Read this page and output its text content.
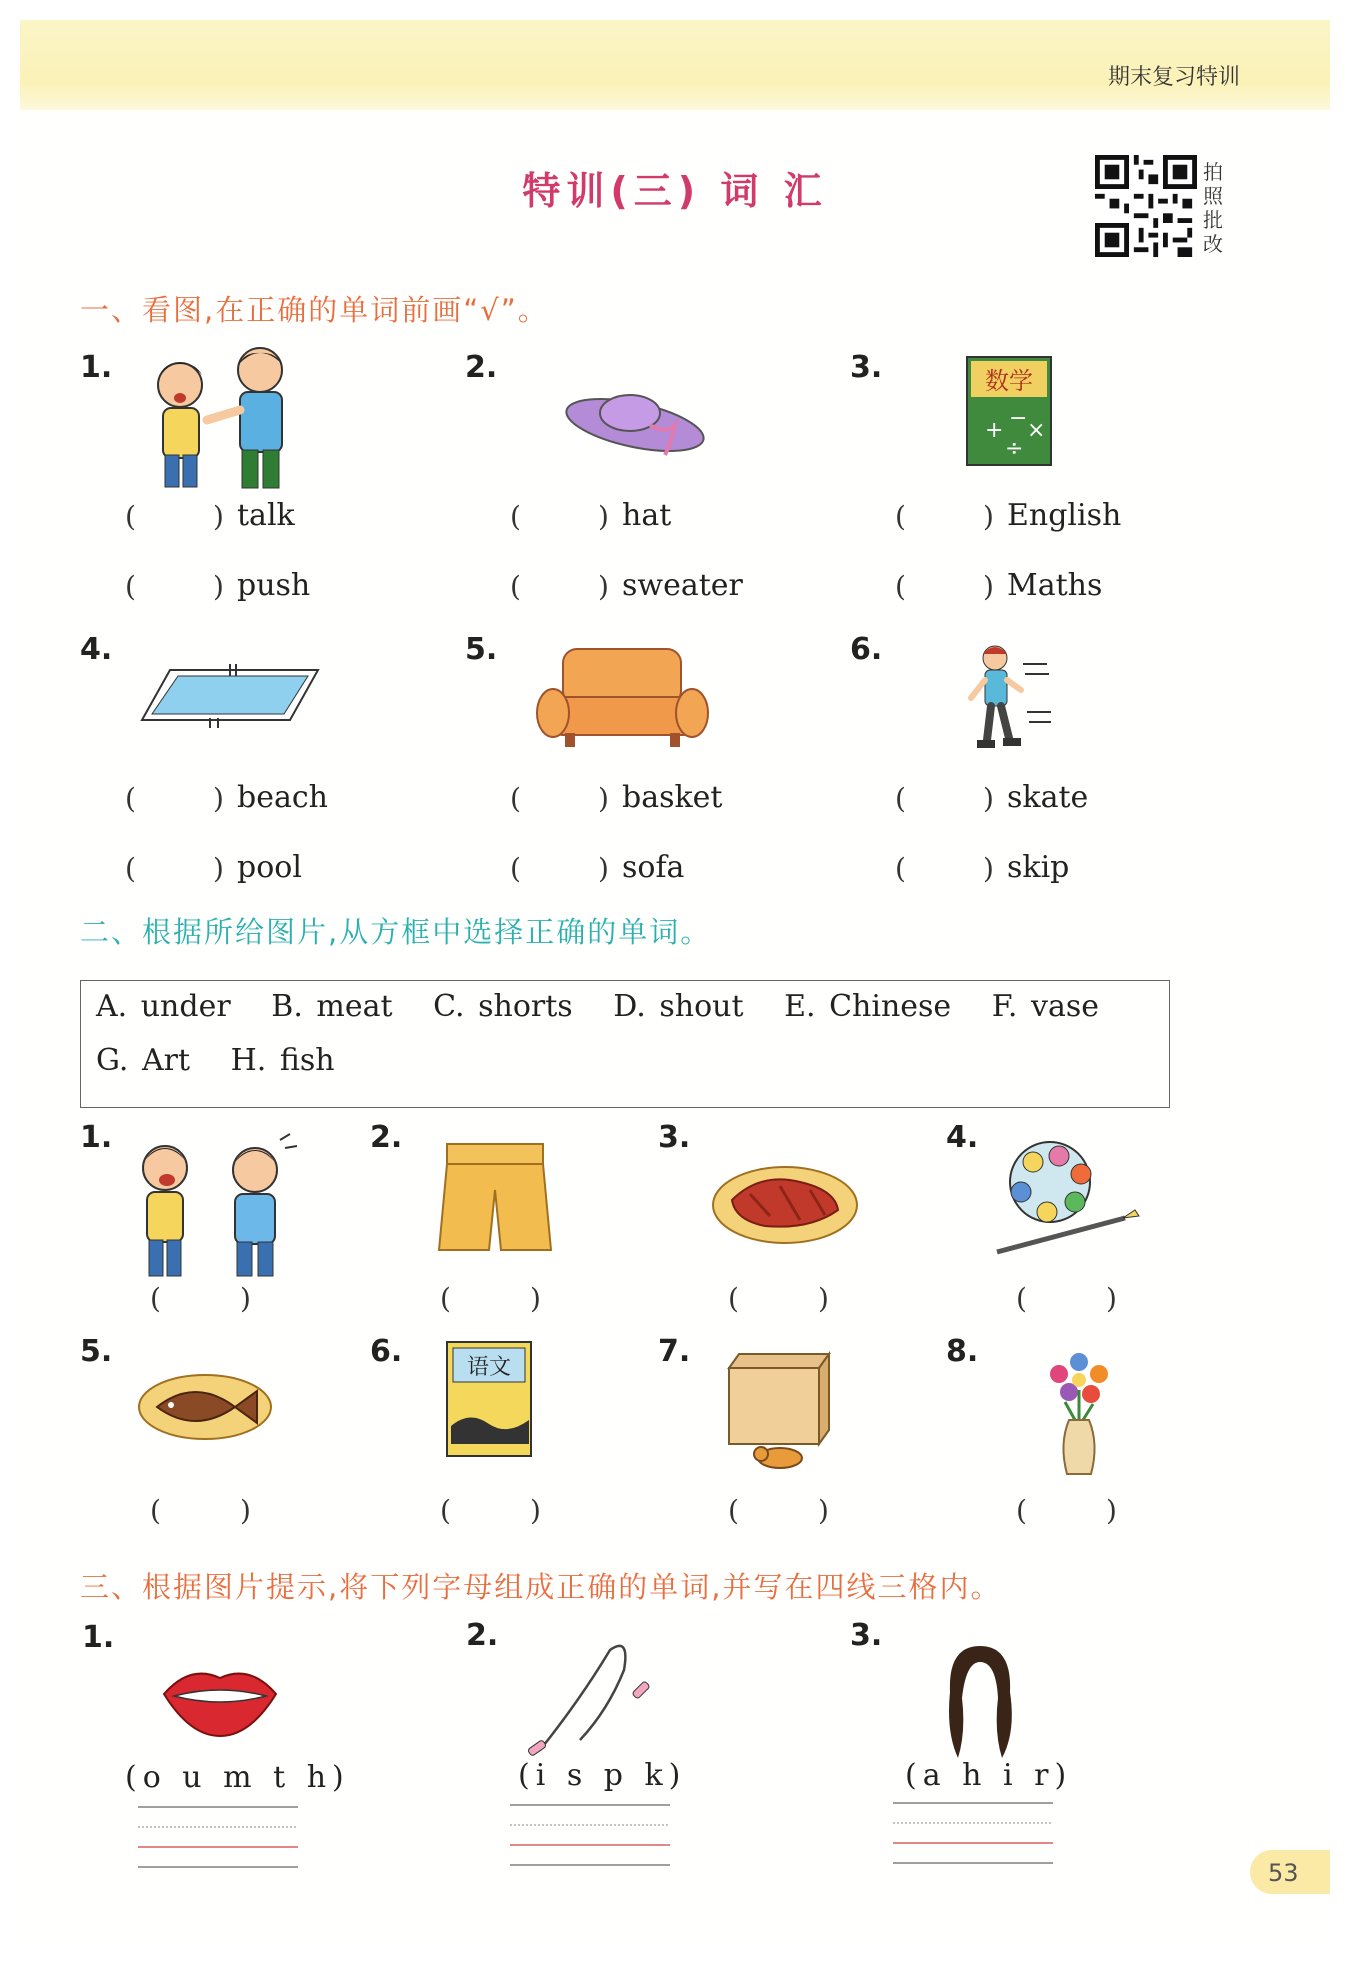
期末复习特训
特训(三) 词 汇	拍
照
批
改
一、看图,在正确的单词前画“√”。
1.	2.	3.
4.	5.	6.
数学
+ − ×
÷
(	) talk
(	) push
(	) hat
(	) sweater
(	) English
(	) Maths
(	) beach
(	) pool
(	) basket
(	) sofa
(	) skate
(	) skip
二、根据所给图片,从方框中选择正确的单词。
A. under   B. meat   C. shorts   D. shout   E. Chinese   F. vase
G. Art   H. fish
1.	2.	3.	4.
5.	6.	7.	8.
语文
(	)	(	)	(	)	(	)
(	)	(	)	(	)	(	)
三、根据图片提示,将下列字母组成正确的单词,并写在四线三格内。
1.	2.	3.
(o u m t h)	(i s p k)	(a h i r)
53
